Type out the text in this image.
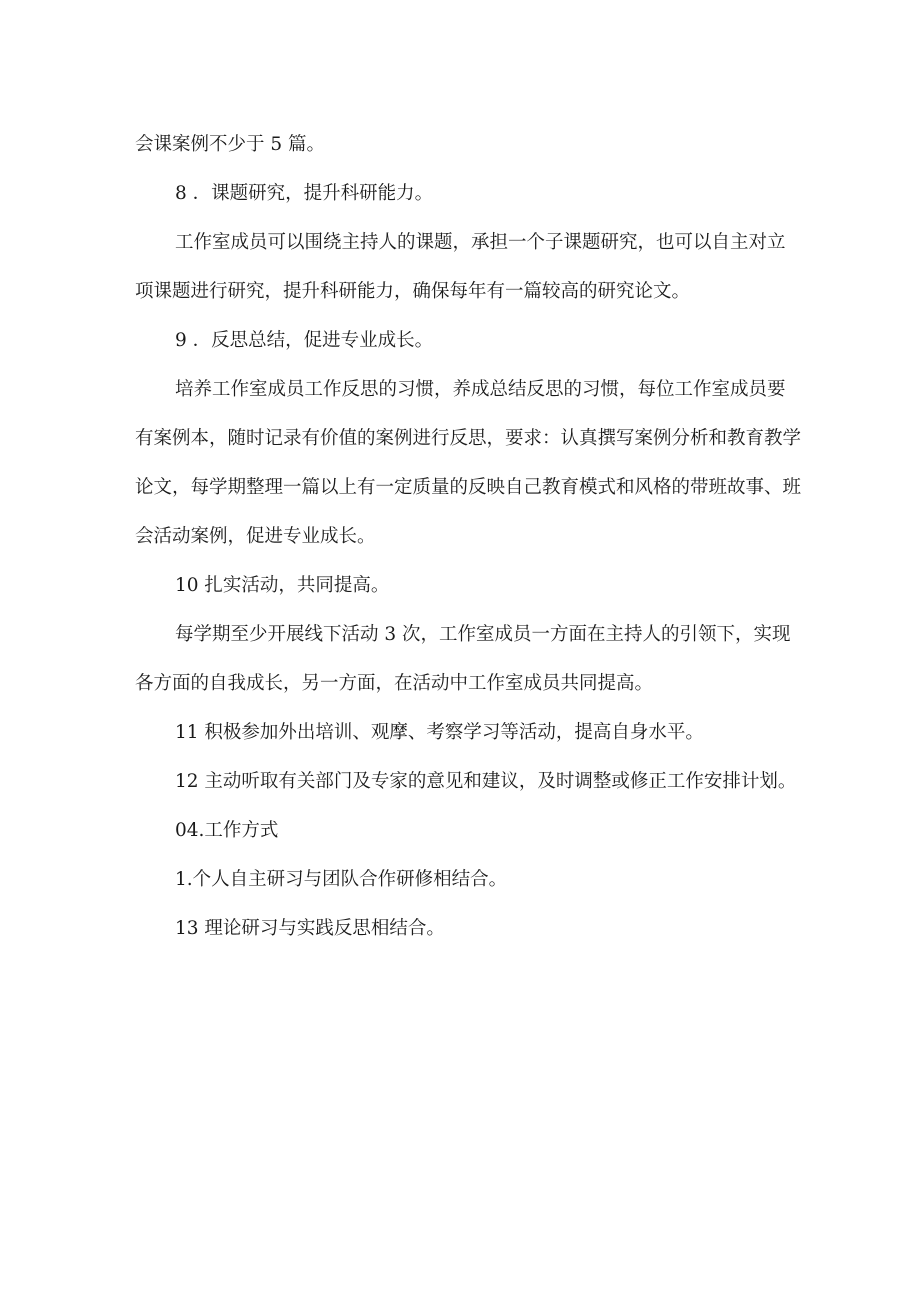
会课案例不少于 5 篇。

8 ．课题研究，提升科研能力。

工作室成员可以围绕主持人的课题，承担一个子课题研究，也可以自主对立项课题进行研究，提升科研能力，确保每年有一篇较高的研究论文。

9 ．反思总结，促进专业成长。

培养工作室成员工作反思的习惯，养成总结反思的习惯，每位工作室成员要有案例本，随时记录有价值的案例进行反思，要求：认真撰写案例分析和教育教学论文，每学期整理一篇以上有一定质量的反映自己教育模式和风格的带班故事、班会活动案例，促进专业成长。

10 扎实活动，共同提高。

每学期至少开展线下活动 3 次，工作室成员一方面在主持人的引领下，实现各方面的自我成长，另一方面，在活动中工作室成员共同提高。

11 积极参加外出培训、观摩、考察学习等活动，提高自身水平。

12 主动听取有关部门及专家的意见和建议，及时调整或修正工作安排计划。

04.工作方式

1.个人自主研习与团队合作研修相结合。

13 理论研习与实践反思相结合。
